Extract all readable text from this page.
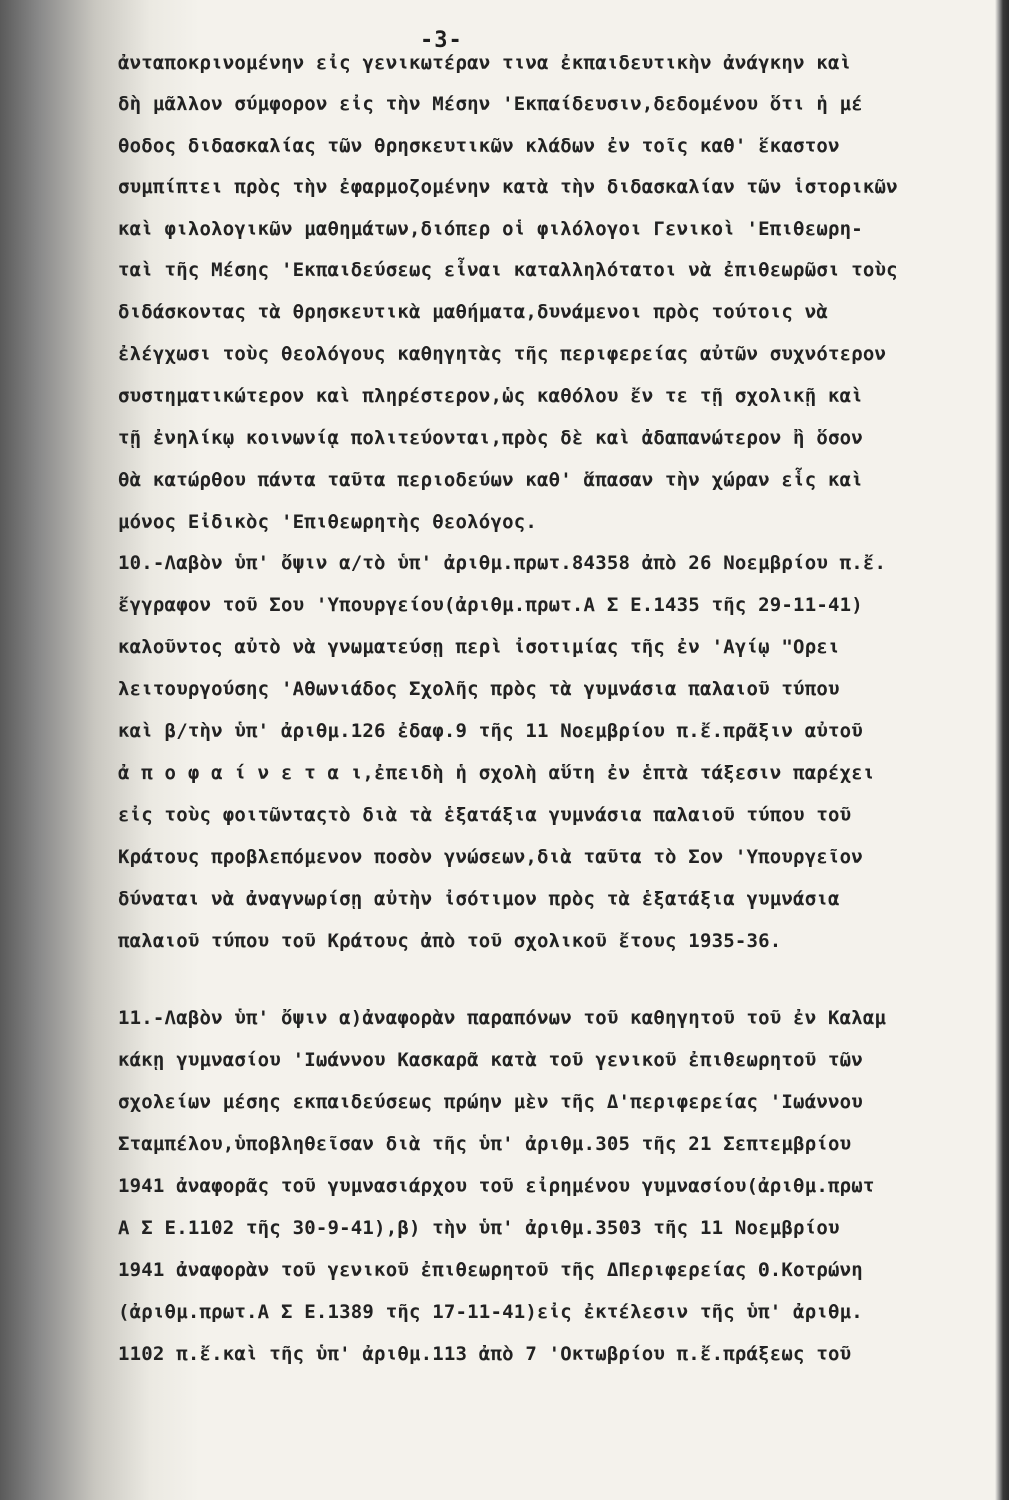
-3-
ἀνταποκρινομένην εἰς γενικωτέραν τινα ἐκπαιδευτικὴν ἀνάγκην καὶ
δὴ μᾶλλον σύμφορον εἰς τὴν Μέσην 'Εκπαίδευσιν,δεδομένου ὅτι ἡ μέ
θοδος διδασκαλίας τῶν θρησκευτικῶν κλάδων ἐν τοῖς καθ' ἕκαστον
συμπίπτει πρὸς τὴν ἐφαρμοζομένην κατὰ τὴν διδασκαλίαν τῶν ἱστορικῶν
καὶ φιλολογικῶν μαθημάτων,διόπερ οἱ φιλόλογοι Γενικοὶ 'Επιθεωρη-
ταὶ τῆς Μέσης 'Εκπαιδεύσεως εἶναι καταλληλότατοι νὰ ἐπιθεωρῶσι τοὺς
διδάσκοντας τὰ θρησκευτικὰ μαθήματα,δυνάμενοι πρὸς τούτοις νὰ
ἐλέγχωσι τοὺς θεολόγους καθηγητὰς τῆς περιφερείας αὐτῶν συχνότερον
συστηματικώτερον καὶ πληρέστερον,ὡς καθόλου ἔν τε τῇ σχολικῇ καὶ
τῇ ἐνηλίκῳ κοινωνίᾳ πολιτεύονται,πρὸς δὲ καὶ ἀδαπανώτερον ἢ ὅσον
θὰ κατώρθου πάντα ταῦτα περιοδεύων καθ' ἅπασαν τὴν χώραν εἷς καὶ
μόνος Εἰδικὸς 'Επιθεωρητὴς θεολόγος.
10.-Λαβὸν ὑπ' ὄψιν α/τὸ ὑπ' ἀριθμ.πρωτ.84358 ἀπὸ 26 Νοεμβρίου π.ἔ.
ἔγγραφον τοῦ Σου 'Υπουργείου(ἀριθμ.πρωτ.Α Σ Ε.1435 τῆς 29-11-41)
καλοῦντος αὐτὸ νὰ γνωματεύσῃ περὶ ἰσοτιμίας τῆς ἐν 'Αγίῳ "Ορει
λειτουργούσης 'Αθωνιάδος Σχολῆς πρὸς τὰ γυμνάσια παλαιοῦ τύπου
καὶ β/τὴν ὑπ' ἀριθμ.126 ἐδαφ.9 τῆς 11 Νοεμβρίου π.ἔ.πρᾶξιν αὐτοῦ
ἀ π ο φ α ί ν ε τ α ι,ἐπειδὴ ἡ σχολὴ αὕτη ἐν ἑπτὰ τάξεσιν παρέχει
εἰς τοὺς φοιτῶνταςτὸ διὰ τὰ ἑξατάξια γυμνάσια παλαιοῦ τύπου τοῦ
Κράτους προβλεπόμενον ποσὸν γνώσεων,διὰ ταῦτα τὸ Σον 'Υπουργεῖον
δύναται νὰ ἀναγνωρίσῃ αὐτὴν ἰσότιμον πρὸς τὰ ἑξατάξια γυμνάσια
παλαιοῦ τύπου τοῦ Κράτους ἀπὸ τοῦ σχολικοῦ ἔτους 1935-36.
11.-Λαβὸν ὑπ' ὄψιν α)ἀναφορὰν παραπόνων τοῦ καθηγητοῦ τοῦ ἐν Καλαμ
κάκῃ γυμνασίου 'Ιωάννου Κασκαρᾶ κατὰ τοῦ γενικοῦ ἐπιθεωρητοῦ τῶν
σχολείων μέσης εκπαιδεύσεως πρώην μὲν τῆς Δ'περιφερείας 'Ιωάννου
Σταμπέλου,ὑποβληθεῖσαν διὰ τῆς ὑπ' ἀριθμ.305 τῆς 21 Σεπτεμβρίου
1941 ἀναφορᾶς τοῦ γυμνασιάρχου τοῦ εἰρημένου γυμνασίου(ἀριθμ.πρωτ
Α Σ Ε.1102 τῆς 30-9-41),β) τὴν ὑπ' ἀριθμ.3503 τῆς 11 Νοεμβρίου
1941 ἀναφορὰν τοῦ γενικοῦ ἐπιθεωρητοῦ τῆς ΔΠεριφερείας Θ.Κοτρώνη
(ἀριθμ.πρωτ.Α Σ Ε.1389 τῆς 17-11-41)εἰς ἐκτέλεσιν τῆς ὑπ' ἀριθμ.
1102 π.ἔ.καὶ τῆς ὑπ' ἀριθμ.113 ἀπὸ 7 'Οκτωβρίου π.ἔ.πράξεως τοῦ
